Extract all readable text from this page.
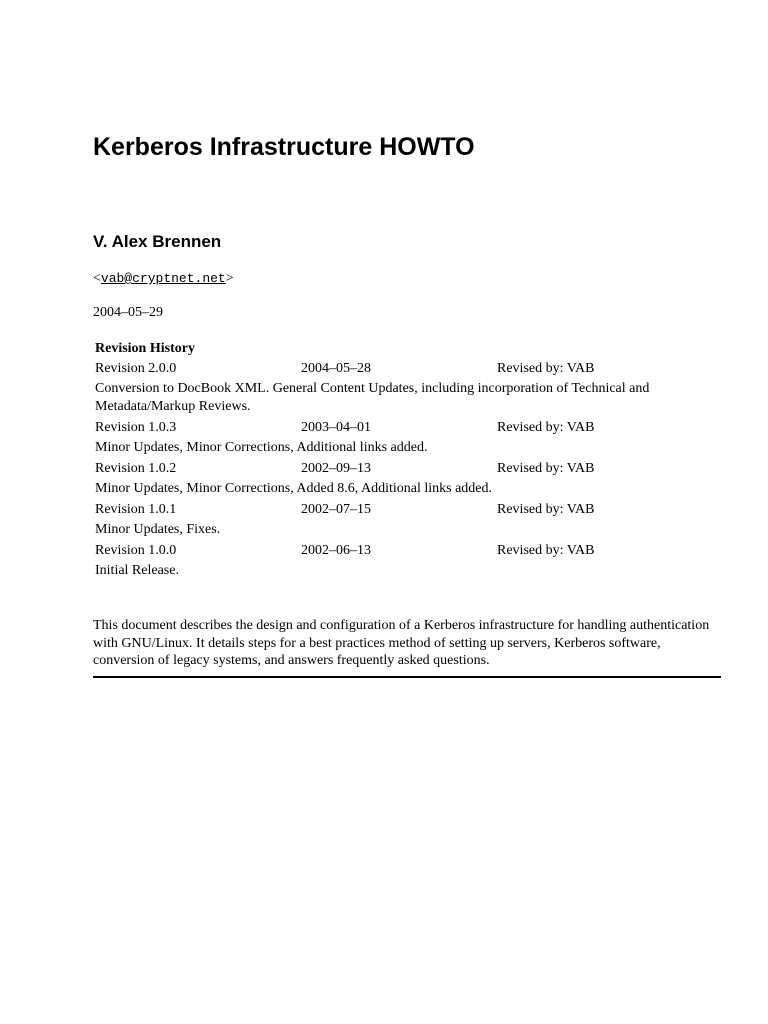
Kerberos Infrastructure HOWTO
V. Alex Brennen
<vab@cryptnet.net>
2004–05–29
Revision History
Revision 2.0.0	2004–05–28	Revised by: VAB
Conversion to DocBook XML. General Content Updates, including incorporation of Technical and Metadata/Markup Reviews.
Revision 1.0.3	2003–04–01	Revised by: VAB
Minor Updates, Minor Corrections, Additional links added.
Revision 1.0.2	2002–09–13	Revised by: VAB
Minor Updates, Minor Corrections, Added 8.6, Additional links added.
Revision 1.0.1	2002–07–15	Revised by: VAB
Minor Updates, Fixes.
Revision 1.0.0	2002–06–13	Revised by: VAB
Initial Release.

This document describes the design and configuration of a Kerberos infrastructure for handling authentication with GNU/Linux. It details steps for a best practices method of setting up servers, Kerberos software, conversion of legacy systems, and answers frequently asked questions.
